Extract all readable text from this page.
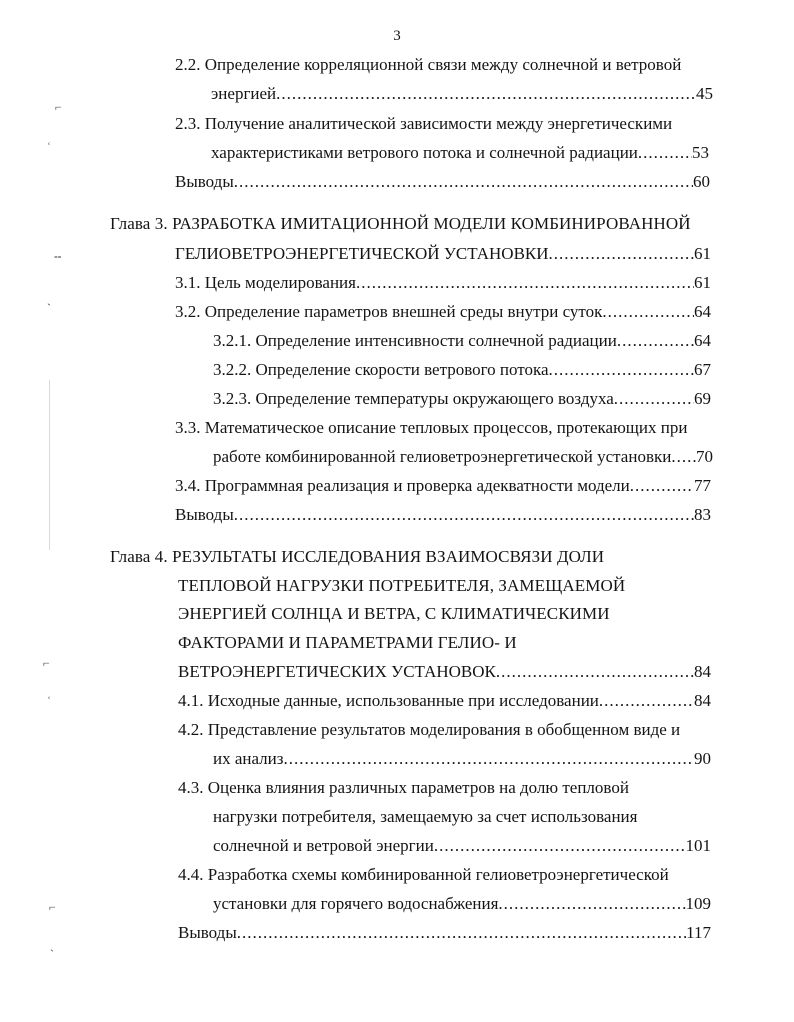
3
2.2. Определение корреляционной связи между солнечной и ветровой
энергией .....	45
2.3. Получение аналитической зависимости между энергетическими
характеристиками ветрового потока и солнечной радиации .....	53
Выводы .....	60
Глава 3. РАЗРАБОТКА ИМИТАЦИОННОЙ МОДЕЛИ КОМБИНИРОВАННОЙ
ГЕЛИОВЕТРОЭНЕРГЕТИЧЕСКОЙ УСТАНОВКИ .....	61
3.1. Цель моделирования .....	61
3.2. Определение параметров внешней среды внутри суток .....	64
3.2.1. Определение интенсивности солнечной радиации .....	64
3.2.2. Определение скорости ветрового потока .....	67
3.2.3. Определение температуры окружающего воздуха .....	69
3.3. Математическое описание тепловых процессов, протекающих при
работе комбинированной гелиоветроэнергетической установки ..... 70
3.4. Программная реализация и проверка адекватности модели .....	77
Выводы .....	83
Глава 4. РЕЗУЛЬТАТЫ ИССЛЕДОВАНИЯ ВЗАИМОСВЯЗИ ДОЛИ
ТЕПЛОВОЙ НАГРУЗКИ ПОТРЕБИТЕЛЯ, ЗАМЕЩАЕМОЙ
ЭНЕРГИЕЙ СОЛНЦА И ВЕТРА, С КЛИМАТИЧЕСКИМИ
ФАКТОРАМИ И ПАРАМЕТРАМИ ГЕЛИО- И
ВЕТРОЭНЕРГЕТИЧЕСКИХ УСТАНОВОК .....	84
4.1. Исходные данные, использованные при исследовании .....	84
4.2. Представление результатов моделирования в обобщенном виде и
их анализ .....	90
4.3. Оценка влияния различных параметров на долю тепловой
нагрузки потребителя, замещаемую за счет использования
солнечной и ветровой энергии .....	101
4.4. Разработка схемы комбинированной гелиоветроэнергетической
установки для горячего водоснабжения .....	109
Выводы .....	117
⌐
ʿ
╌
ˎ
⌐
ʿ
⌐
ˎ
